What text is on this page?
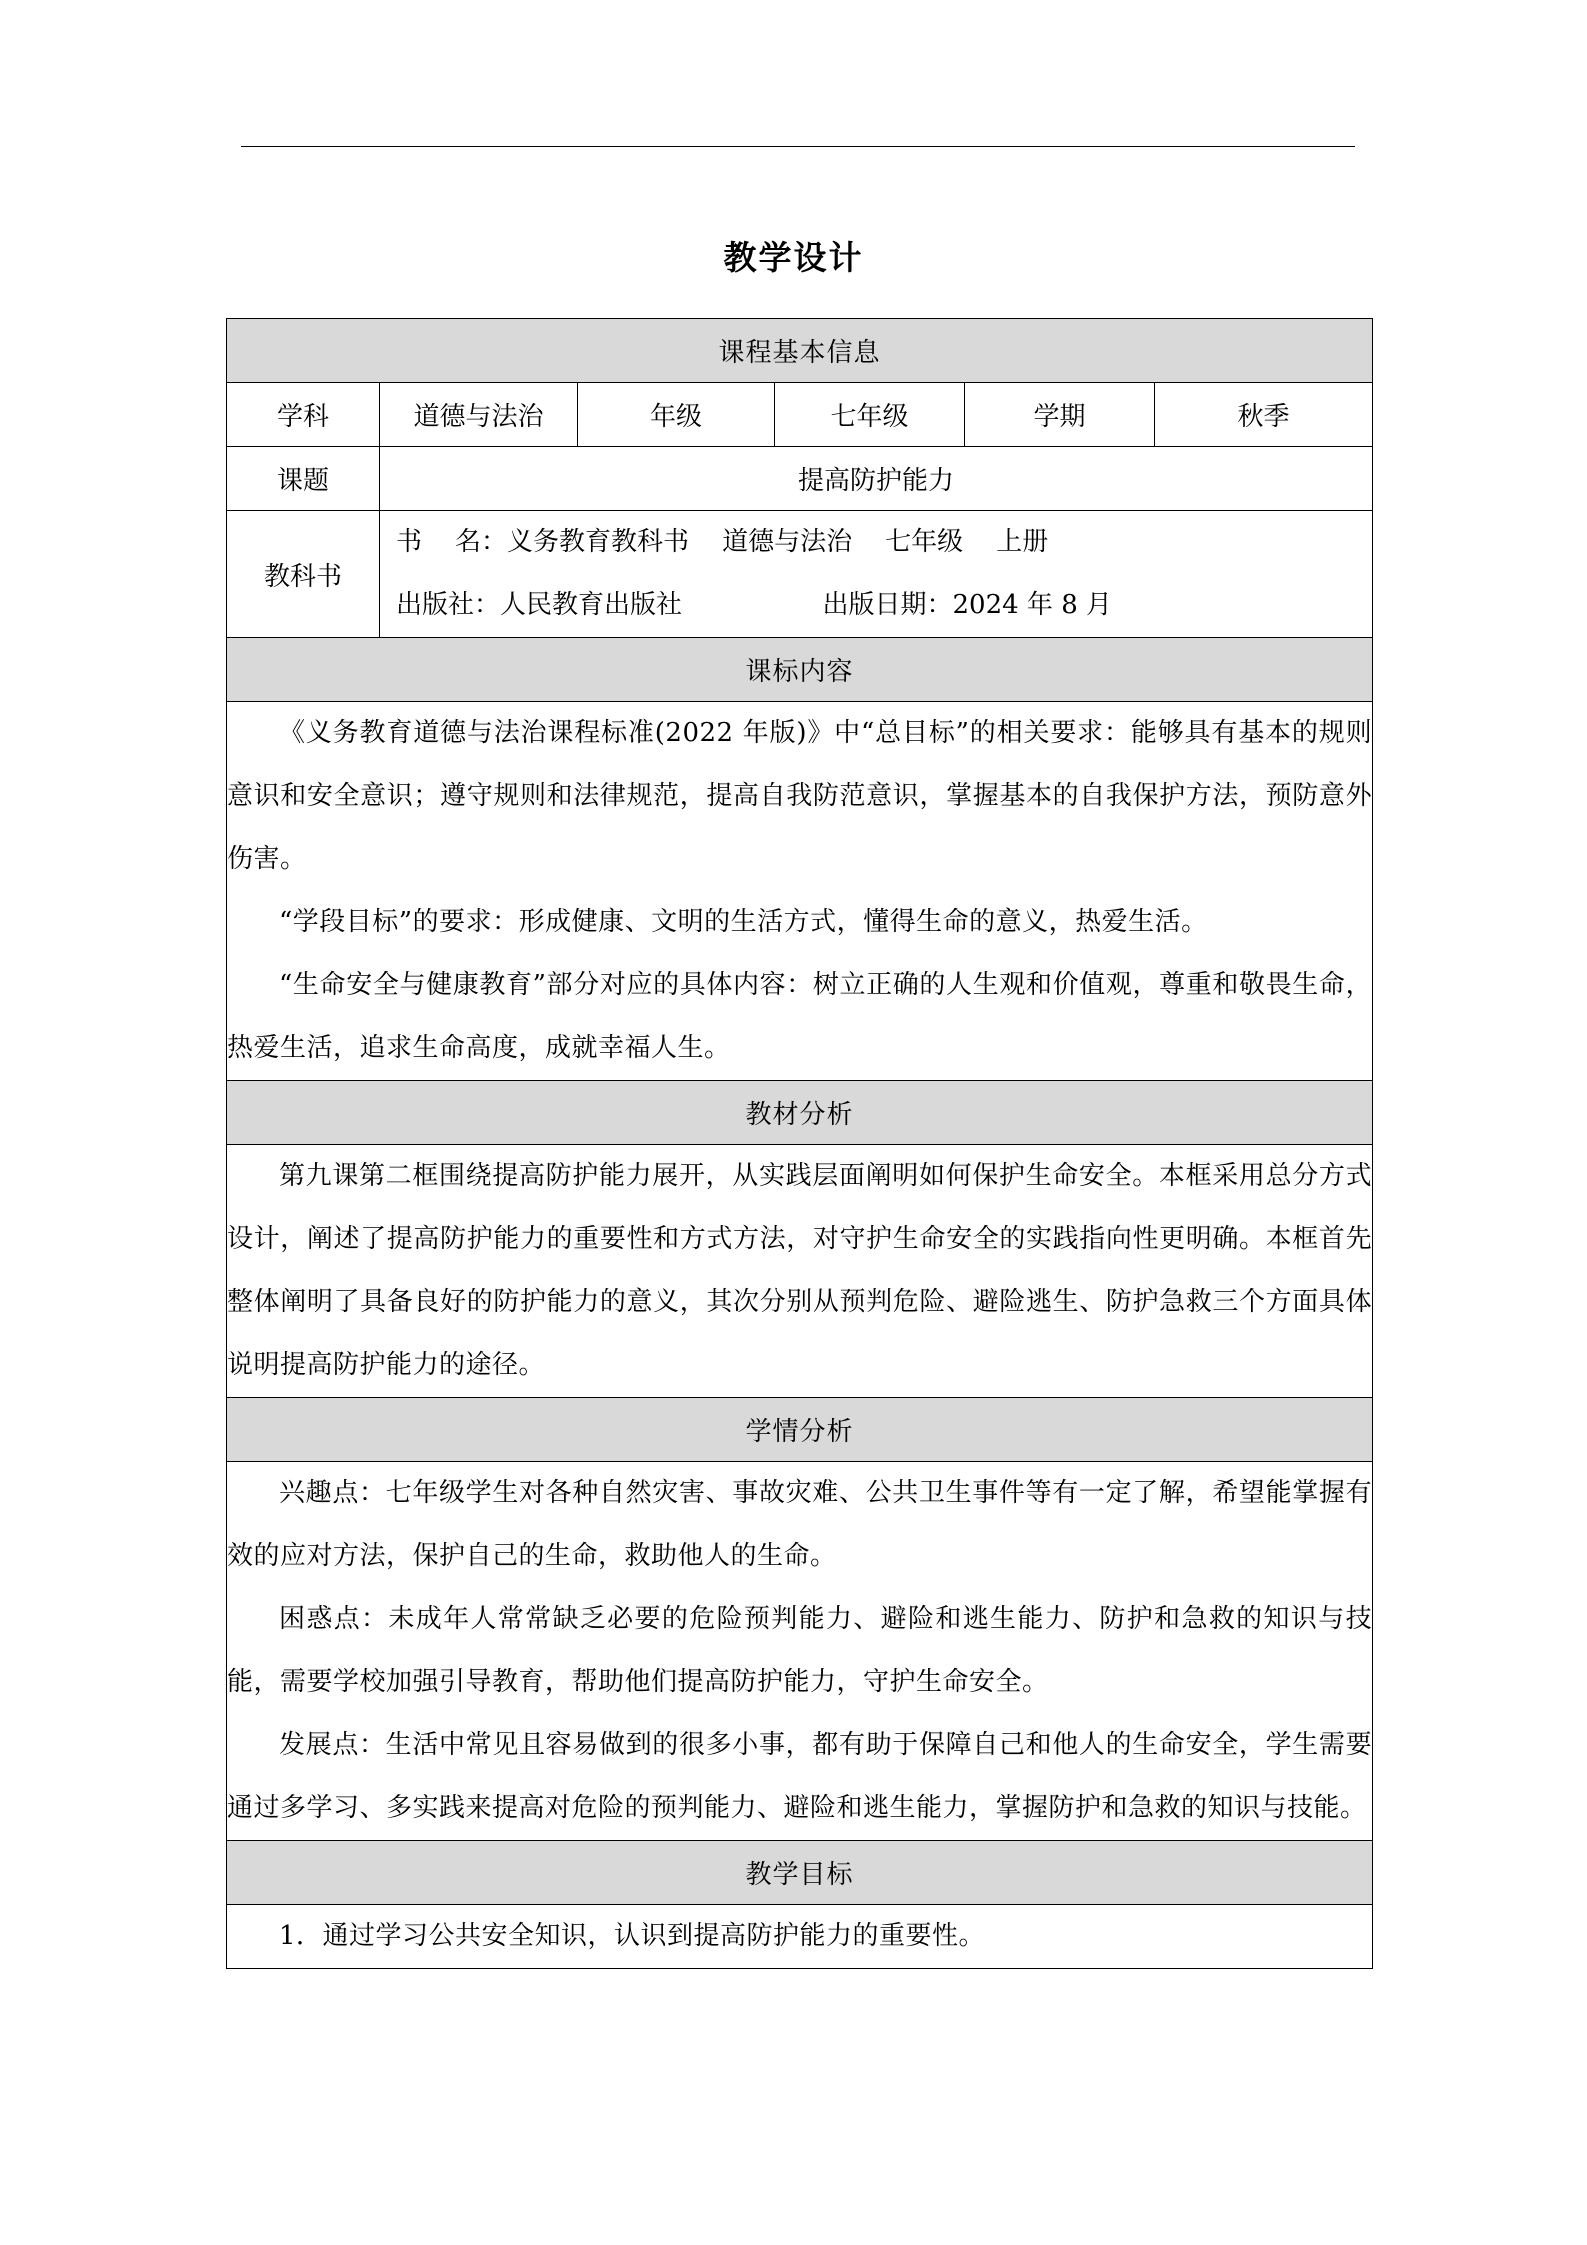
教学设计
课程基本信息					
学科	道德与法治	年级	七年级	学期	秋季
课题	提高防护能力				
教科书	书    名：义务教育教科书    道德与法治    七年级    上册
出版社：人民教育出版社                 出版日期：2024 年 8 月				

课标内容					

《义务教育道德与法治课程标准(2022 年版)》中“总目标”的相关要求：能够具有基本的规则意识和安全意识；遵守规则和法律规范，提高自我防范意识，掌握基本的自我保护方法，预防意外伤害。
“学段目标”的要求：形成健康、文明的生活方式，懂得生命的意义，热爱生活。
“生命安全与健康教育”部分对应的具体内容：树立正确的人生观和价值观，尊重和敬畏生命，热爱生活，追求生命高度，成就幸福人生。					

教材分析					

第九课第二框围绕提高防护能力展开，从实践层面阐明如何保护生命安全。本框采用总分方式设计，阐述了提高防护能力的重要性和方式方法，对守护生命安全的实践指向性更明确。本框首先整体阐明了具备良好的防护能力的意义，其次分别从预判危险、避险逃生、防护急救三个方面具体说明提高防护能力的途径。					

学情分析					

兴趣点：七年级学生对各种自然灾害、事故灾难、公共卫生事件等有一定了解，希望能掌握有效的应对方法，保护自己的生命，救助他人的生命。
困惑点：未成年人常常缺乏必要的危险预判能力、避险和逃生能力、防护和急救的知识与技能，需要学校加强引导教育，帮助他们提高防护能力，守护生命安全。
发展点：生活中常见且容易做到的很多小事，都有助于保障自己和他人的生命安全，学生需要通过多学习、多实践来提高对危险的预判能力、避险和逃生能力，掌握防护和急救的知识与技能。					

教学目标					

1．通过学习公共安全知识，认识到提高防护能力的重要性。					
